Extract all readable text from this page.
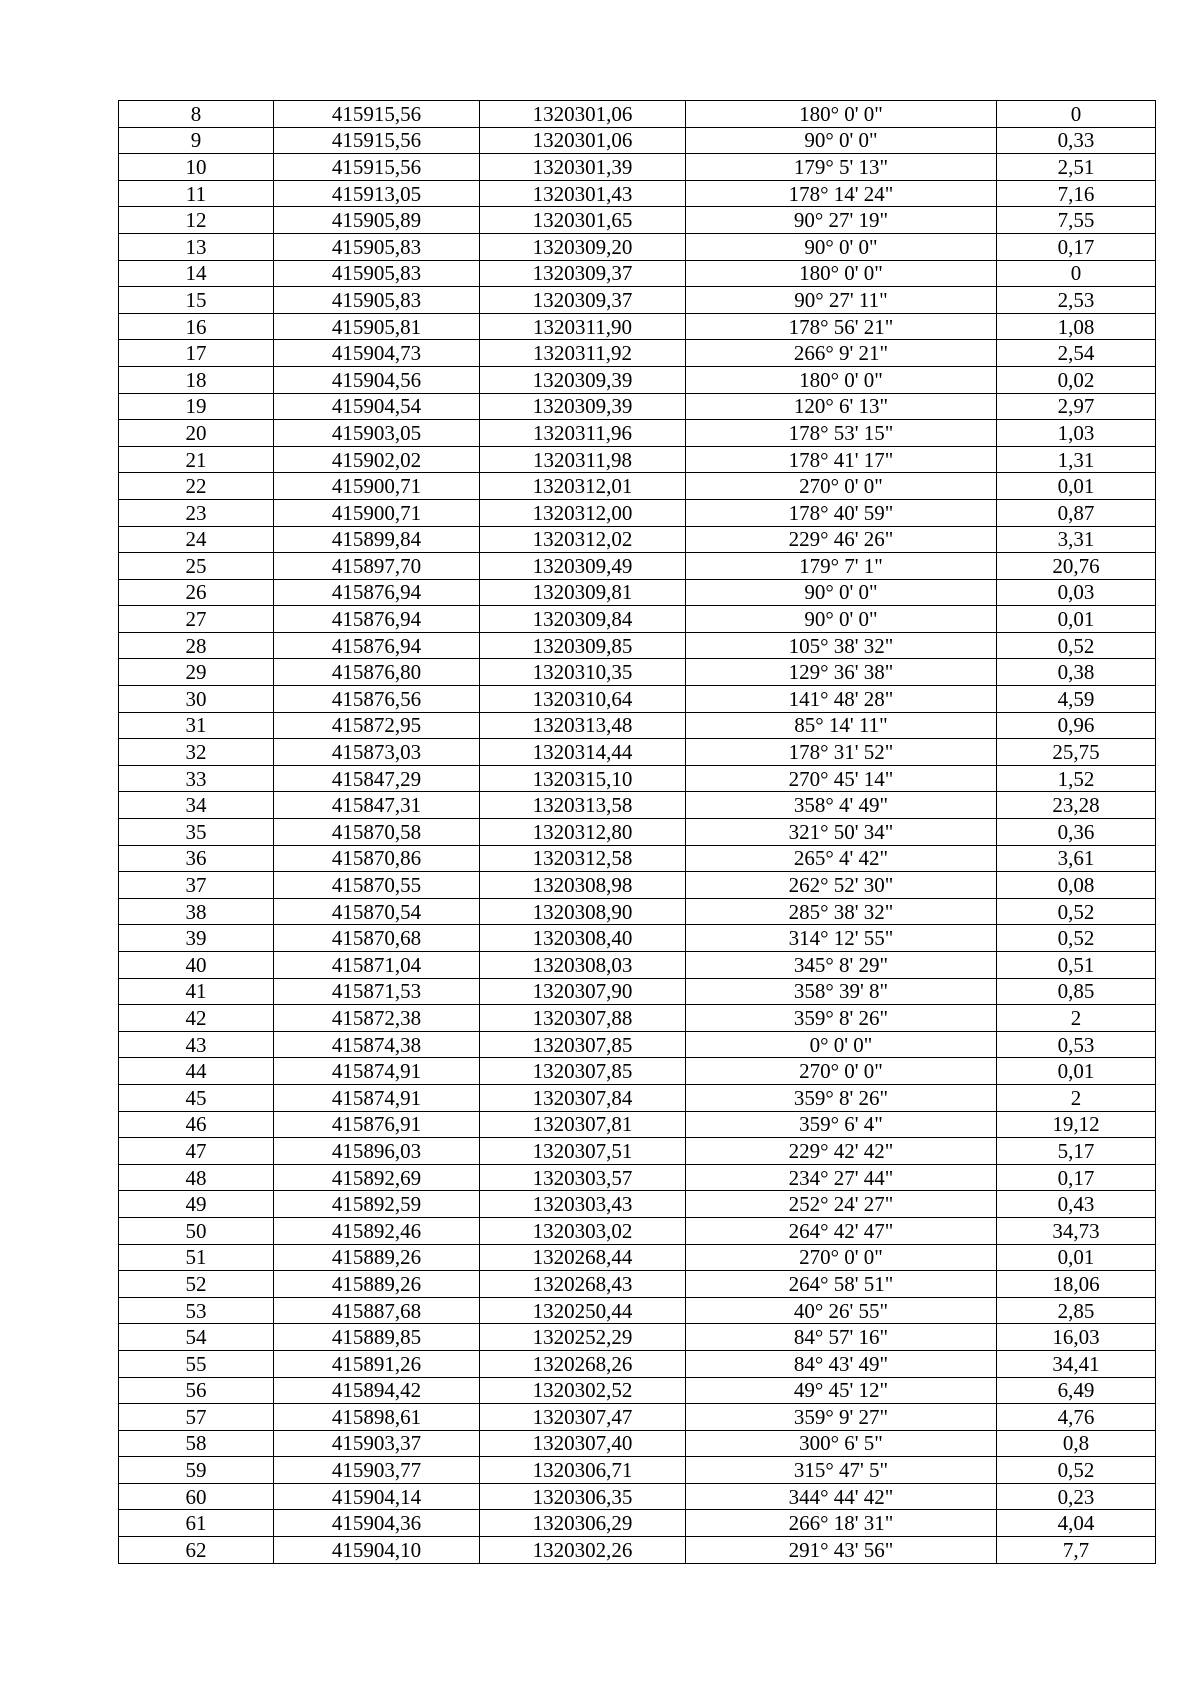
8	415915,56	1320301,06	180° 0' 0"	0
9	415915,56	1320301,06	90° 0' 0"	0,33
10	415915,56	1320301,39	179° 5' 13"	2,51
11	415913,05	1320301,43	178° 14' 24"	7,16
12	415905,89	1320301,65	90° 27' 19"	7,55
13	415905,83	1320309,20	90° 0' 0"	0,17
14	415905,83	1320309,37	180° 0' 0"	0
15	415905,83	1320309,37	90° 27' 11"	2,53
16	415905,81	1320311,90	178° 56' 21"	1,08
17	415904,73	1320311,92	266° 9' 21"	2,54
18	415904,56	1320309,39	180° 0' 0"	0,02
19	415904,54	1320309,39	120° 6' 13"	2,97
20	415903,05	1320311,96	178° 53' 15"	1,03
21	415902,02	1320311,98	178° 41' 17"	1,31
22	415900,71	1320312,01	270° 0' 0"	0,01
23	415900,71	1320312,00	178° 40' 59"	0,87
24	415899,84	1320312,02	229° 46' 26"	3,31
25	415897,70	1320309,49	179° 7' 1"	20,76
26	415876,94	1320309,81	90° 0' 0"	0,03
27	415876,94	1320309,84	90° 0' 0"	0,01
28	415876,94	1320309,85	105° 38' 32"	0,52
29	415876,80	1320310,35	129° 36' 38"	0,38
30	415876,56	1320310,64	141° 48' 28"	4,59
31	415872,95	1320313,48	85° 14' 11"	0,96
32	415873,03	1320314,44	178° 31' 52"	25,75
33	415847,29	1320315,10	270° 45' 14"	1,52
34	415847,31	1320313,58	358° 4' 49"	23,28
35	415870,58	1320312,80	321° 50' 34"	0,36
36	415870,86	1320312,58	265° 4' 42"	3,61
37	415870,55	1320308,98	262° 52' 30"	0,08
38	415870,54	1320308,90	285° 38' 32"	0,52
39	415870,68	1320308,40	314° 12' 55"	0,52
40	415871,04	1320308,03	345° 8' 29"	0,51
41	415871,53	1320307,90	358° 39' 8"	0,85
42	415872,38	1320307,88	359° 8' 26"	2
43	415874,38	1320307,85	0° 0' 0"	0,53
44	415874,91	1320307,85	270° 0' 0"	0,01
45	415874,91	1320307,84	359° 8' 26"	2
46	415876,91	1320307,81	359° 6' 4"	19,12
47	415896,03	1320307,51	229° 42' 42"	5,17
48	415892,69	1320303,57	234° 27' 44"	0,17
49	415892,59	1320303,43	252° 24' 27"	0,43
50	415892,46	1320303,02	264° 42' 47"	34,73
51	415889,26	1320268,44	270° 0' 0"	0,01
52	415889,26	1320268,43	264° 58' 51"	18,06
53	415887,68	1320250,44	40° 26' 55"	2,85
54	415889,85	1320252,29	84° 57' 16"	16,03
55	415891,26	1320268,26	84° 43' 49"	34,41
56	415894,42	1320302,52	49° 45' 12"	6,49
57	415898,61	1320307,47	359° 9' 27"	4,76
58	415903,37	1320307,40	300° 6' 5"	0,8
59	415903,77	1320306,71	315° 47' 5"	0,52
60	415904,14	1320306,35	344° 44' 42"	0,23
61	415904,36	1320306,29	266° 18' 31"	4,04
62	415904,10	1320302,26	291° 43' 56"	7,7
